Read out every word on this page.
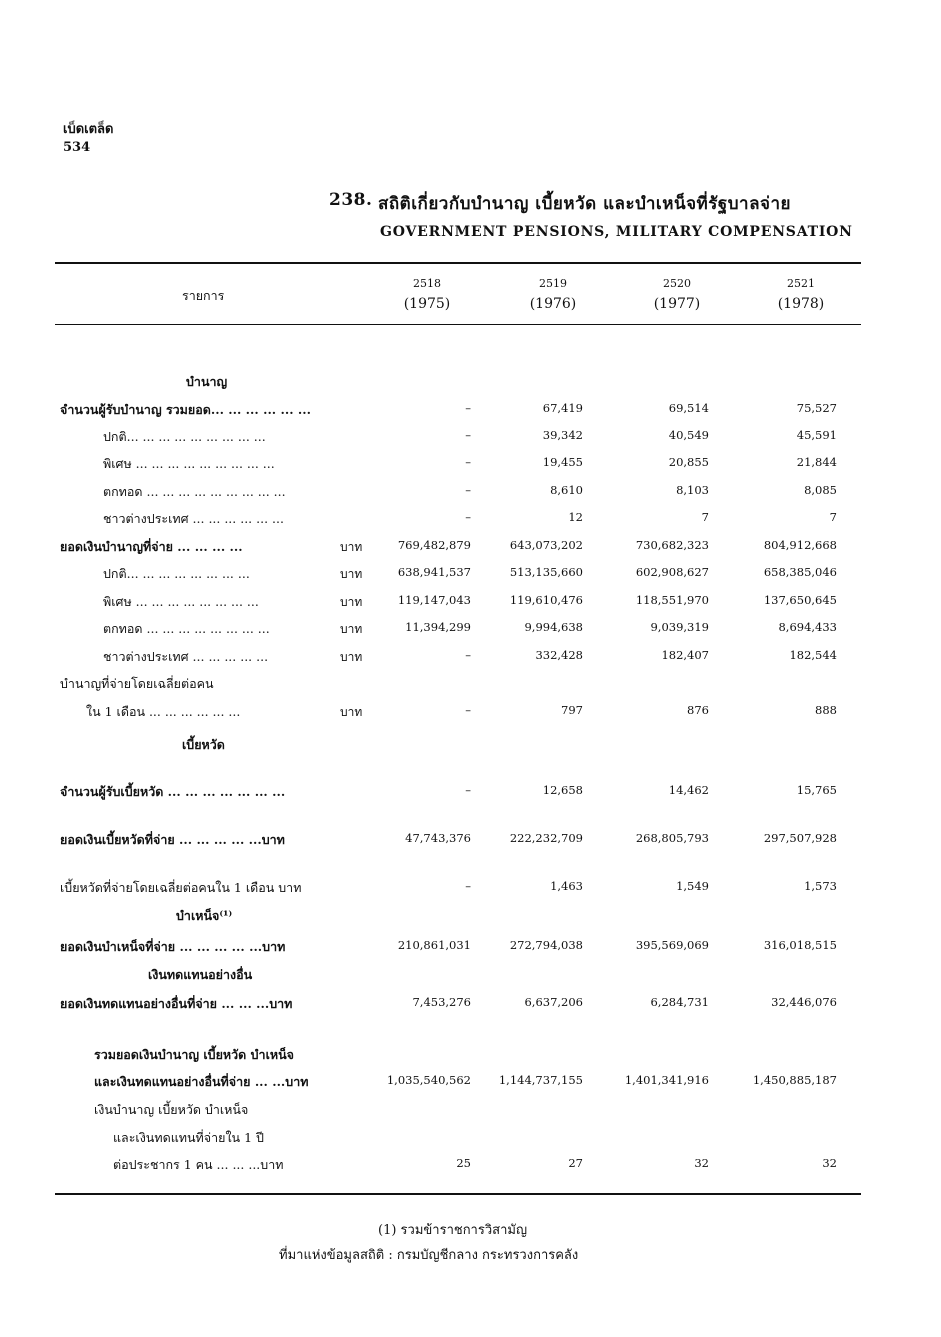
เบ็ดเตล็ด
534
238. สถิติเกี่ยวกับบำนาญ เบี้ยหวัด และบำเหน็จที่รัฐบาลจ่าย
GOVERNMENT PENSIONS, MILITARY COMPENSATION
รายการ
2518
(1975)
2519
(1976)
2520
(1977)
2521
(1978)
บำนาญ
เบี้ยหวัด
บำเหน็จ⁽¹⁾
เงินทดแทนอย่างอื่น
จำนวนผู้รับบำนาญ รวมยอด... ... ... ... ... ...	–	67,419	69,514	75,527
ปกติ... ... ... ... ... ... ... ... ...	–	39,342	40,549	45,591
พิเศษ ... ... ... ... ... ... ... ... ...	–	19,455	20,855	21,844
ตกทอด ... ... ... ... ... ... ... ... ...	–	8,610	8,103	8,085
ชาวต่างประเทศ ... ... ... ... ... ...	–	12	7	7
ยอดเงินบำนาญที่จ่าย ... ... ... ...	บาท	769,482,879	643,073,202	730,682,323	804,912,668
ปกติ... ... ... ... ... ... ... ...	บาท	638,941,537	513,135,660	602,908,627	658,385,046
พิเศษ ... ... ... ... ... ... ... ...	บาท	119,147,043	119,610,476	118,551,970	137,650,645
ตกทอด ... ... ... ... ... ... ... ...	บาท	11,394,299	9,994,638	9,039,319	8,694,433
ชาวต่างประเทศ ... ... ... ... ...	บาท	–	332,428	182,407	182,544
บำนาญที่จ่ายโดยเฉลี่ยต่อคน
ใน 1 เดือน ... ... ... ... ... ...	บาท	–	797	876	888
จำนวนผู้รับเบี้ยหวัด ... ... ... ... ... ... ...	–	12,658	14,462	15,765
ยอดเงินเบี้ยหวัดที่จ่าย ... ... ... ... ...บาท	47,743,376	222,232,709	268,805,793	297,507,928
เบี้ยหวัดที่จ่ายโดยเฉลี่ยต่อคนใน 1 เดือน บาท	–	1,463	1,549	1,573
ยอดเงินบำเหน็จที่จ่าย ... ... ... ... ...บาท	210,861,031	272,794,038	395,569,069	316,018,515
ยอดเงินทดแทนอย่างอื่นที่จ่าย ... ... ...บาท	7,453,276	6,637,206	6,284,731	32,446,076
รวมยอดเงินบำนาญ เบี้ยหวัด บำเหน็จ
และเงินทดแทนอย่างอื่นที่จ่าย ... ...บาท	1,035,540,562 1,144,737,155	1,401,341,916	1,450,885,187
เงินบำนาญ เบี้ยหวัด บำเหน็จ
และเงินทดแทนที่จ่ายใน 1 ปี
ต่อประชากร 1 คน ... ... ...บาท	25	27	32	32
(1) รวมข้าราชการวิสามัญ
ที่มาแห่งข้อมูลสถิติ : กรมบัญชีกลาง กระทรวงการคลัง
